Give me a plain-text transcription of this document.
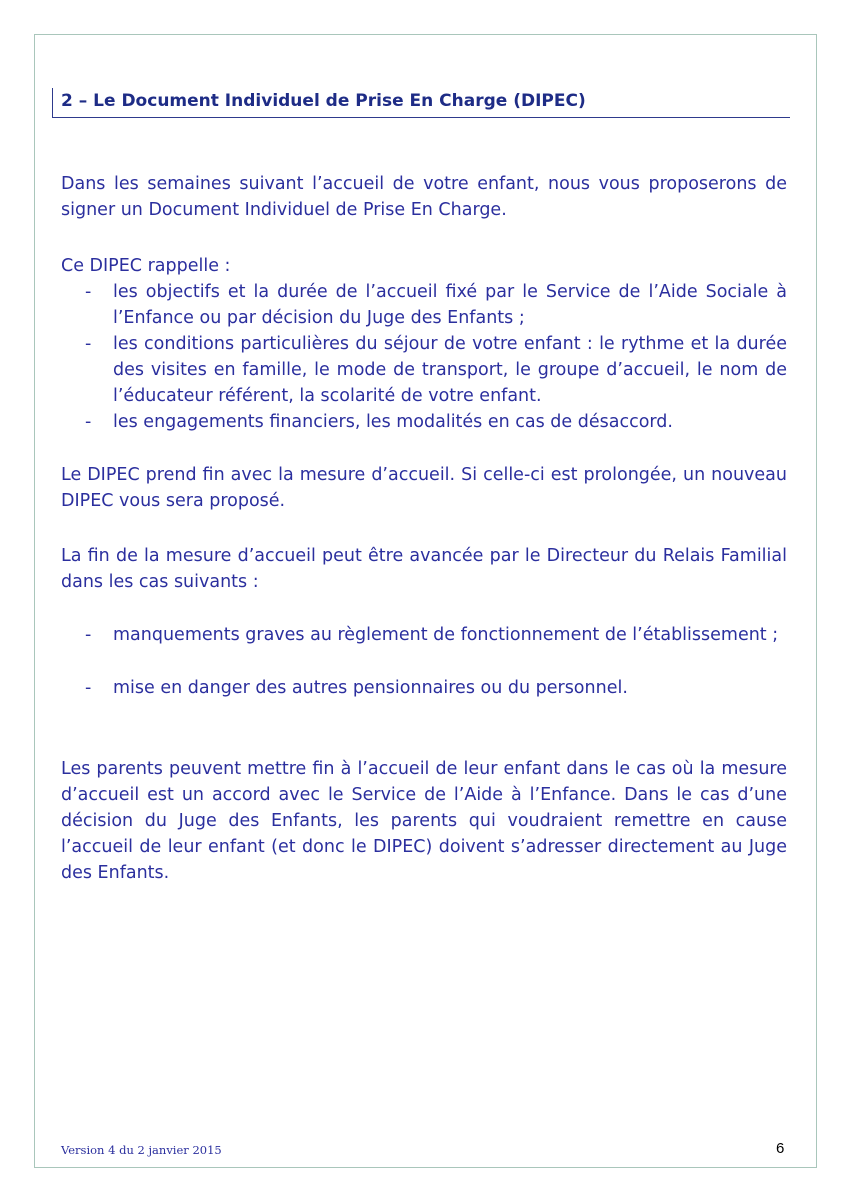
2 – Le Document Individuel de Prise En Charge (DIPEC)

Dans les semaines suivant l’accueil de votre enfant, nous vous proposerons de
signer un Document Individuel de Prise En Charge.

Ce DIPEC rappelle :

- les objectifs et la durée de l’accueil fixé par le Service de l’Aide Sociale à
l’Enfance ou par décision du Juge des Enfants ;
- les conditions particulières du séjour de votre enfant : le rythme et la durée
des visites en famille, le mode de transport, le groupe d’accueil, le nom de
l’éducateur référent, la scolarité de votre enfant.
- les engagements financiers, les modalités en cas de désaccord.

Le DIPEC prend fin avec la mesure d’accueil. Si celle-ci est prolongée, un nouveau
DIPEC vous sera proposé.

La fin de la mesure d’accueil peut être avancée par le Directeur du Relais Familial
dans les cas suivants :

- manquements graves au règlement de fonctionnement de l’établissement ;
- mise en danger des autres pensionnaires ou du personnel.

Les parents peuvent mettre fin à l’accueil de leur enfant dans le cas où la mesure
d’accueil est un accord avec le Service de l’Aide à l’Enfance. Dans le cas d’une
décision du Juge des Enfants, les parents qui voudraient remettre en cause
l’accueil de leur enfant (et donc le DIPEC) doivent s’adresser directement au Juge
des Enfants.

Version 4 du 2 janvier 2015	6
